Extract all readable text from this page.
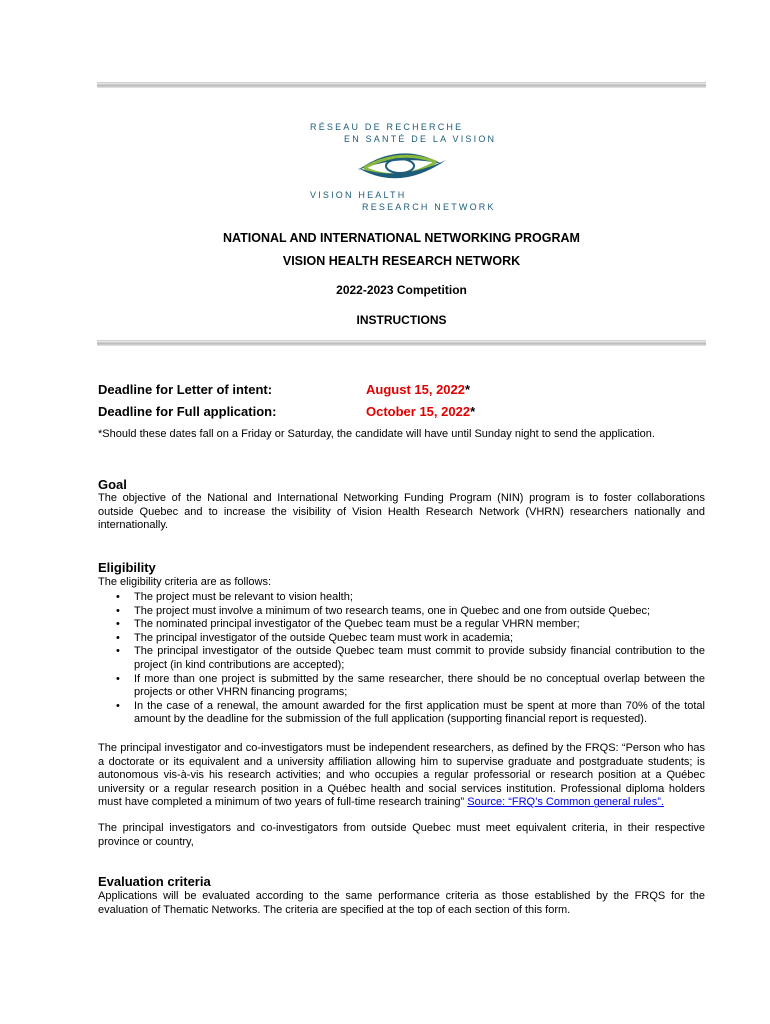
RÉSEAU DE RECHERCHE
EN SANTÉ DE LA VISION
VISION HEALTH
RESEARCH NETWORK
NATIONAL AND INTERNATIONAL NETWORKING PROGRAM
VISION HEALTH RESEARCH NETWORK
2022-2023 Competition
INSTRUCTIONS
Deadline for Letter of intent:	August 15, 2022*
Deadline for Full application:	October 15, 2022*
*Should these dates fall on a Friday or Saturday, the candidate will have until Sunday night to send the application.
Goal

The objective of the National and International Networking Funding Program (NIN) program is to foster collaborations outside Quebec and to increase the visibility of Vision Health Research Network (VHRN) researchers nationally and internationally.

Eligibility

The eligibility criteria are as follows:

• The project must be relevant to vision health;
• The project must involve a minimum of two research teams, one in Quebec and one from outside Quebec;
• The nominated principal investigator of the Quebec team must be a regular VHRN member;
• The principal investigator of the outside Quebec team must work in academia;
• The principal investigator of the outside Quebec team must commit to provide subsidy financial contribution to the project (in kind contributions are accepted);
• If more than one project is submitted by the same researcher, there should be no conceptual overlap between the projects or other VHRN financing programs;
• In the case of a renewal, the amount awarded for the first application must be spent at more than 70% of the total amount by the deadline for the submission of the full application (supporting financial report is requested).

The principal investigator and co-investigators must be independent researchers, as defined by the FRQS: “Person who has a doctorate or its equivalent and a university affiliation allowing him to supervise graduate and postgraduate students; is autonomous vis-à-vis his research activities; and who occupies a regular professorial or research position at a Québec university or a regular research position in a Québec health and social services institution. Professional diploma holders must have completed a minimum of two years of full-time research training” Source: “FRQ’s Common general rules”.

The principal investigators and co-investigators from outside Quebec must meet equivalent criteria, in their respective province or country,

Evaluation criteria

Applications will be evaluated according to the same performance criteria as those established by the FRQS for the evaluation of Thematic Networks. The criteria are specified at the top of each section of this form.
